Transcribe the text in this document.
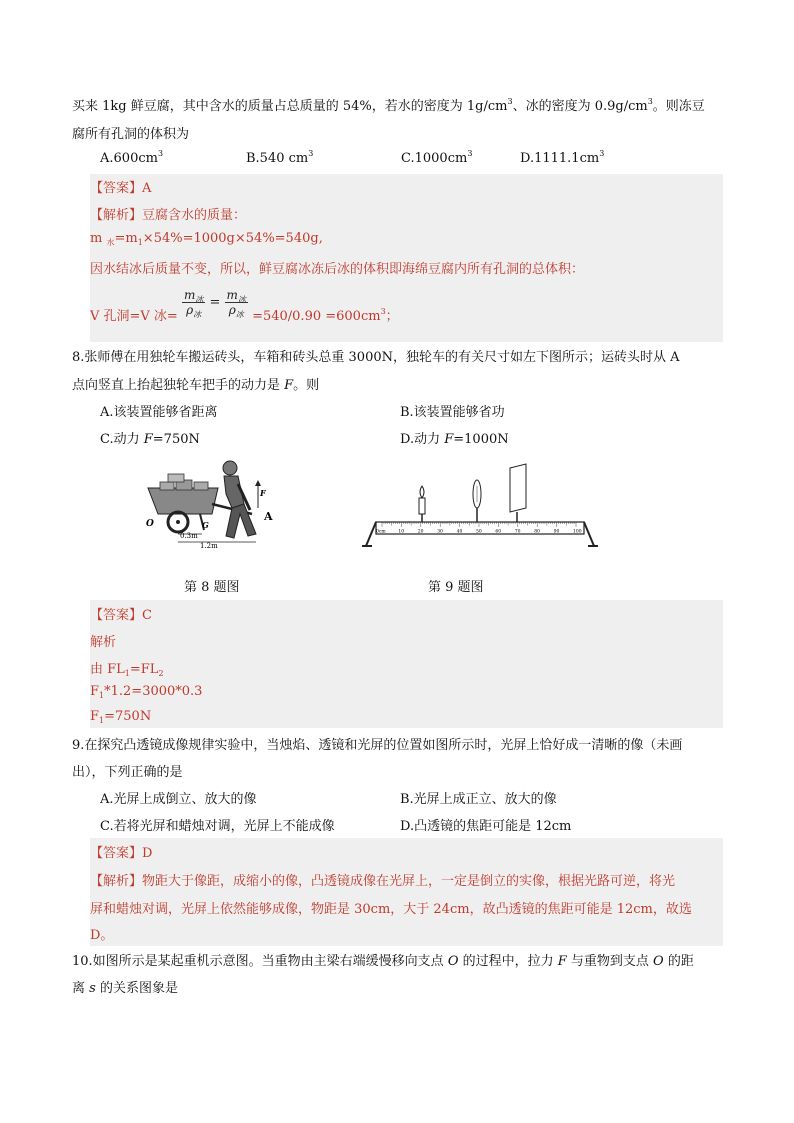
买来 1kg 鲜豆腐，其中含水的质量占总质量的 54%，若水的密度为 $1g/cm^3$、冰的密度为 $0.9g/cm^3$。则冻豆
腐所有孔洞的体积为
$A.600cm^3$	B.540 $cm^3$	$C.1000cm^3$	$D.1111.1cm^3$
【答案】A
【解析】豆腐含水的质量：
m $_水=m_1\times 54\%=1000g\times 54\%=540g$,
因水结冰后质量不变，所以，鲜豆腐冰冻后冰的体积即海绵豆腐内所有孔洞的总体积：
V 孔洞=V 冰= $\frac{m_冰}{\rho_冰} = \frac{m_冰}{\rho_冰} =540/0.90 =600cm^3$；
8.张师傅在用独轮车搬运砖头，车箱和砖头总重 3000N，独轮车的有关尺寸如左下图所示；运砖头时从 A
点向竖直上抬起独轮车把手的动力是 F。则
A.该装置能够省距离	B.该装置能够省功
C.动力 F=750N	D.动力 F=1000N
F
A
O	G
0.3m
1.2m
0cm	10	20	30	40	50	60	70	80	90	100
第 8 题图	第 9 题图
【答案】C
解析
由 $FL_1=FL_2$
$F_1*1.2=3000*0.3$
$F_1=750N$
9.在探究凸透镜成像规律实验中，当烛焰、透镜和光屏的位置如图所示时，光屏上恰好成一清晰的像（未画
出），下列正确的是
A.光屏上成倒立、放大的像	B.光屏上成正立、放大的像
C.若将光屏和蜡烛对调，光屏上不能成像	D.凸透镜的焦距可能是 12cm
【答案】D
【解析】物距大于像距，成缩小的像，凸透镜成像在光屏上，一定是倒立的实像，根据光路可逆，将光
屏和蜡烛对调，光屏上依然能够成像，物距是 30cm，大于 24cm，故凸透镜的焦距可能是 12cm，故选
D。
10.如图所示是某起重机示意图。当重物由主梁右端缓慢移向支点 O 的过程中，拉力 F 与重物到支点 O 的距
离 s 的关系图象是
